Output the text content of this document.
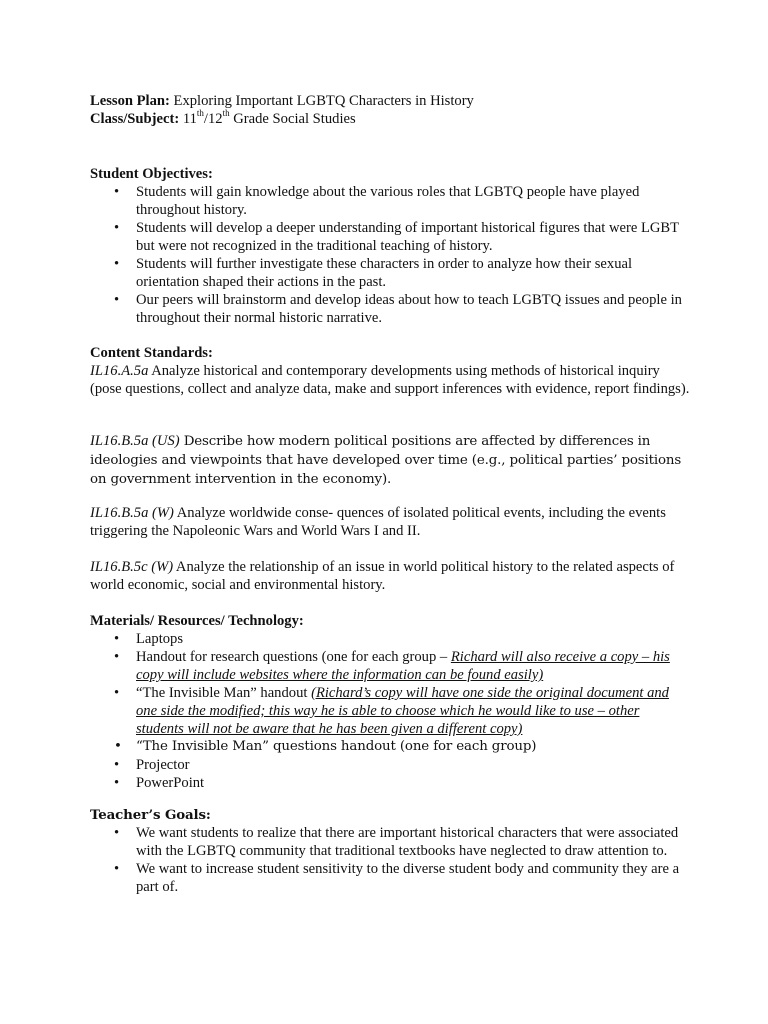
Lesson Plan: Exploring Important LGBTQ Characters in History

Class/Subject: 11th/12th Grade Social Studies

Student Objectives:

• Students will gain knowledge about the various roles that LGBTQ people have played throughout history.
• Students will develop a deeper understanding of important historical figures that were LGBT but were not recognized in the traditional teaching of history.
• Students will further investigate these characters in order to analyze how their sexual orientation shaped their actions in the past.
• Our peers will brainstorm and develop ideas about how to teach LGBTQ issues and people in throughout their normal historic narrative.

Content Standards:

IL16.A.5a Analyze historical and contemporary developments using methods of historical inquiry (pose questions, collect and analyze data, make and support inferences with evidence, report findings).

IL16.B.5a (US) Describe how modern political positions are affected by differences in ideologies and viewpoints that have developed over time (e.g., political parties’ positions on government intervention in the economy).

IL16.B.5a (W) Analyze worldwide conse- quences of isolated political events, including the events triggering the Napoleonic Wars and World Wars I and II.

IL16.B.5c (W) Analyze the relationship of an issue in world political history to the related aspects of world economic, social and environmental history.

Materials/ Resources/ Technology:

• Laptops
• Handout for research questions (one for each group – Richard will also receive a copy – his copy will include websites where the information can be found easily)
• “The Invisible Man” handout (Richard’s copy will have one side the original document and one side the modified; this way he is able to choose which he would like to use – other students will not be aware that he has been given a different copy)
• “The Invisible Man” questions handout (one for each group)
• Projector
• PowerPoint

Teacher’s Goals:

• We want students to realize that there are important historical characters that were associated with the LGBTQ community that traditional textbooks have neglected to draw attention to.
• We want to increase student sensitivity to the diverse student body and community they are a part of.
